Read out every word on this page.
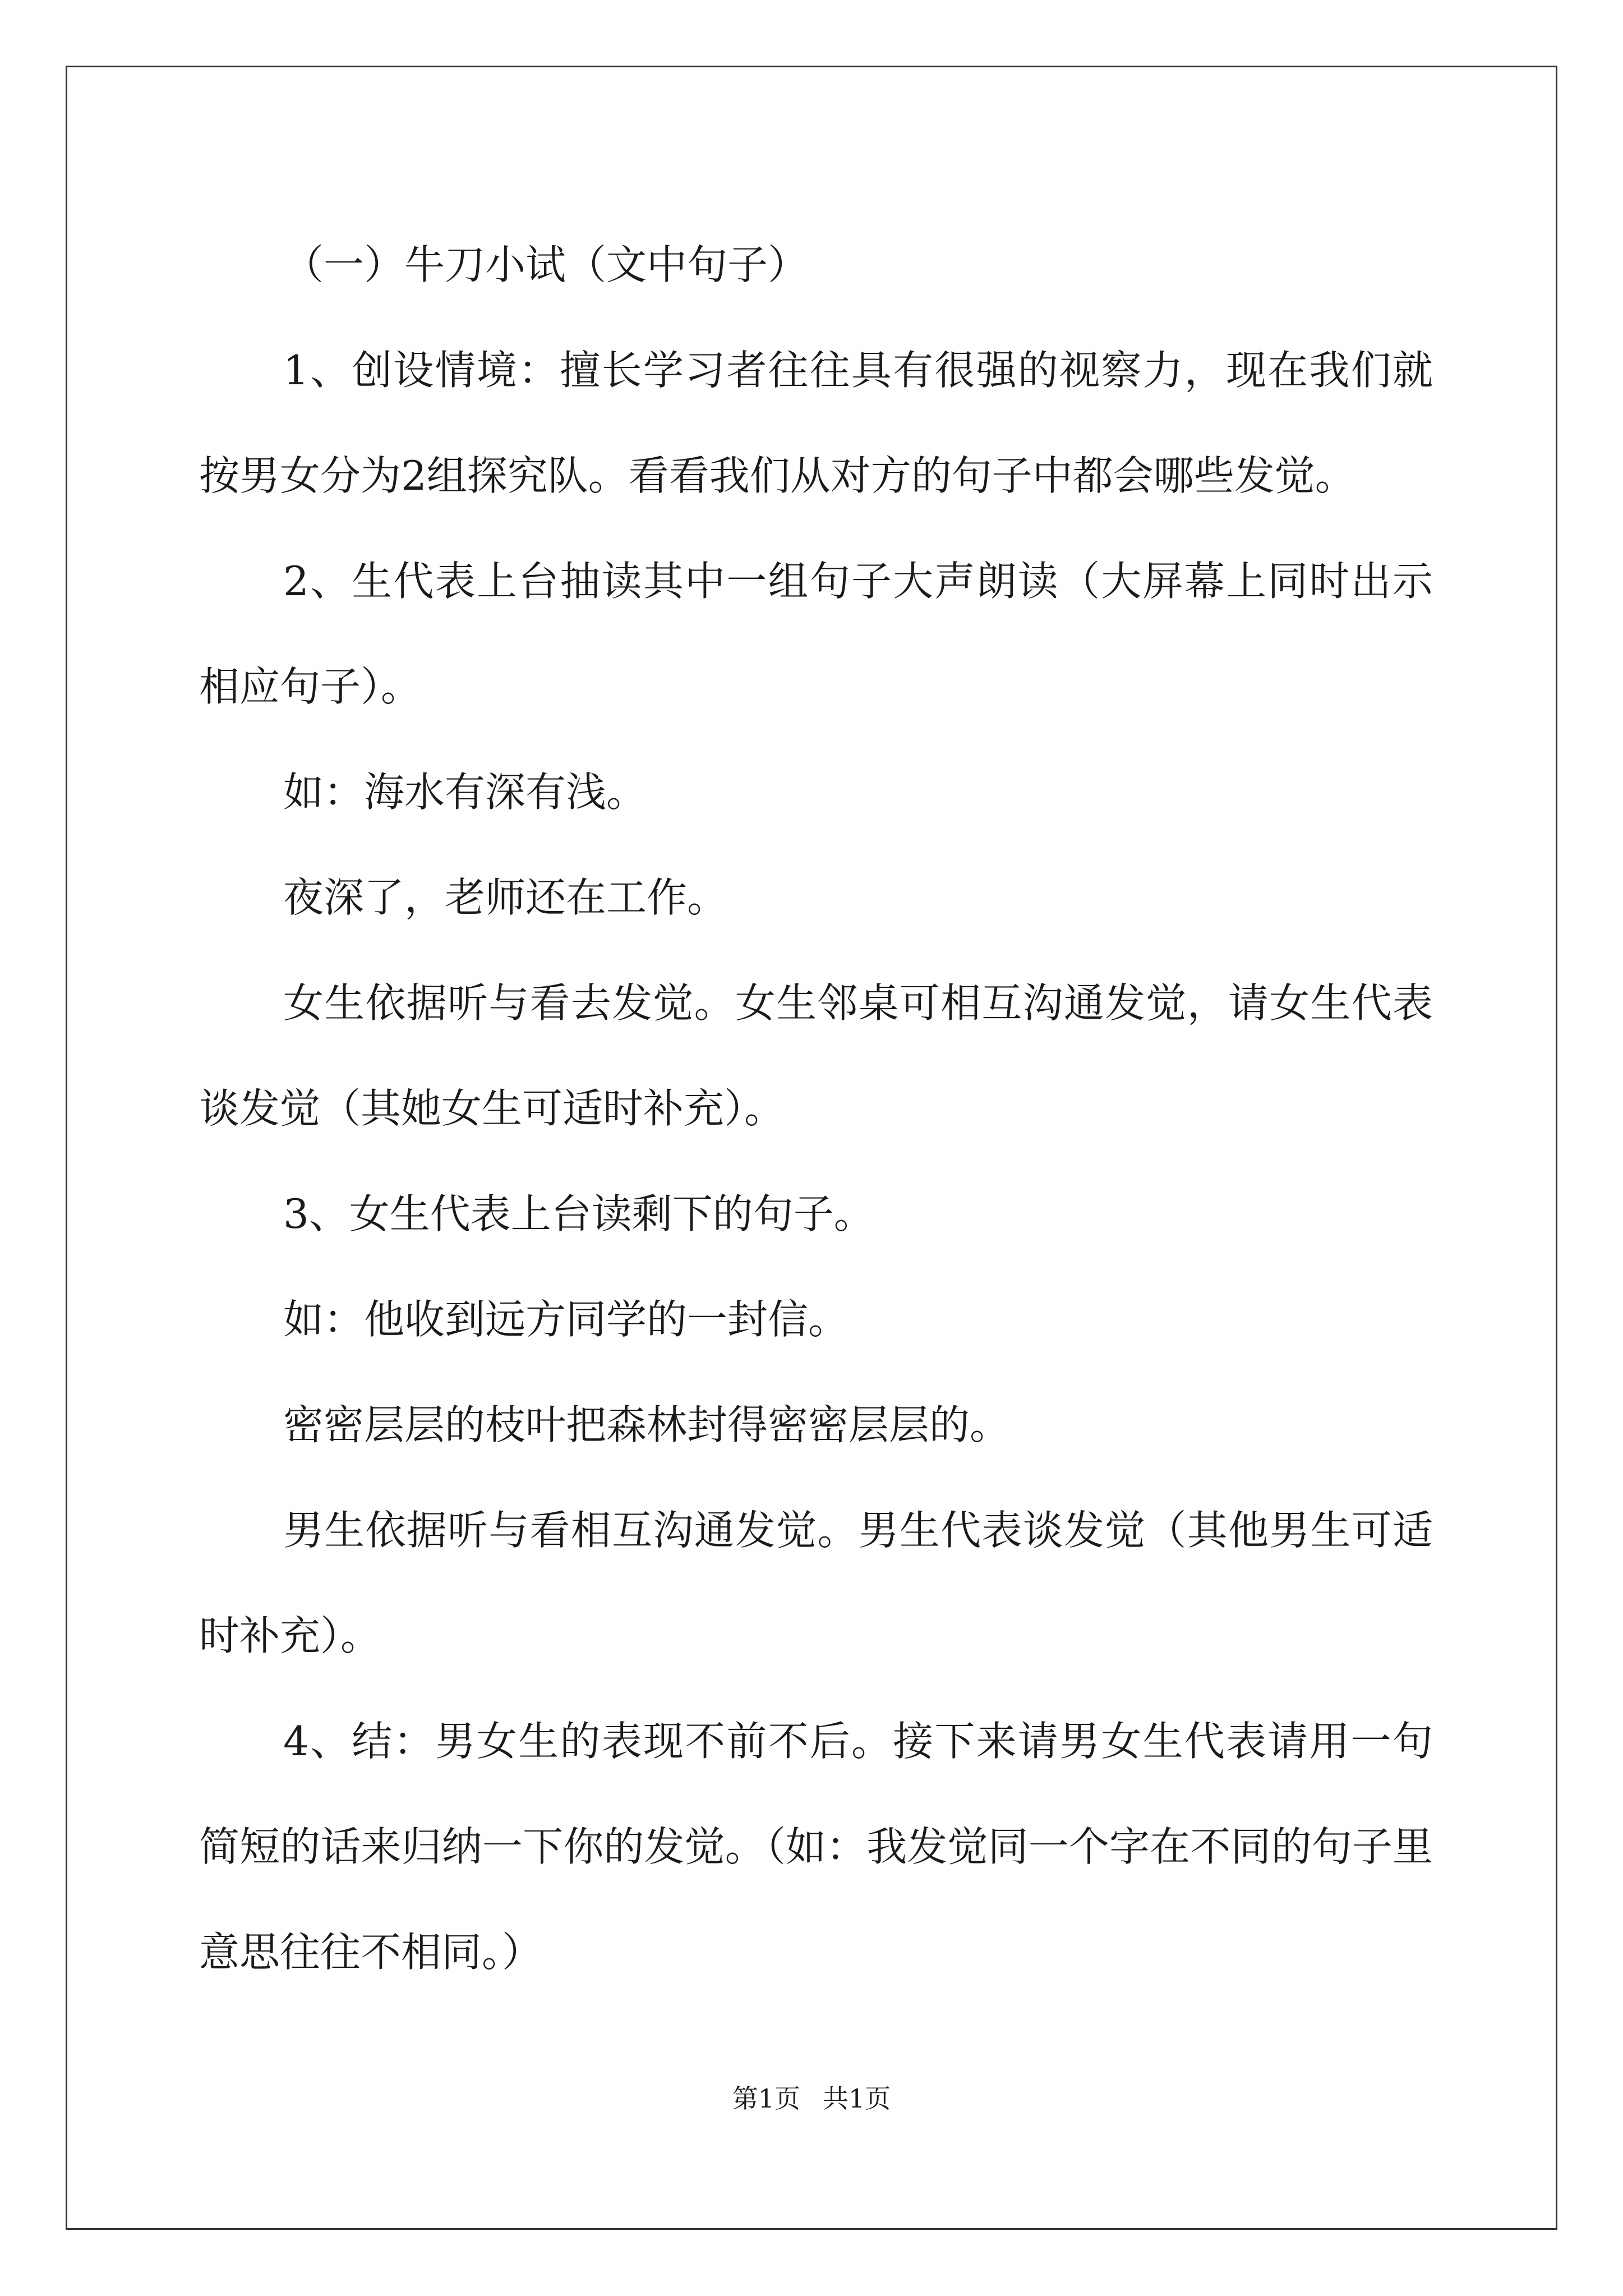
（一）牛刀小试（文中句子）

1、创设情境：擅长学习者往往具有很强的视察力，现在我们就按男女分为2组探究队。看看我们从对方的句子中都会哪些发觉。

2、生代表上台抽读其中一组句子大声朗读（大屏幕上同时出示相应句子）。

如：海水有深有浅。

夜深了，老师还在工作。

女生依据听与看去发觉。女生邻桌可相互沟通发觉，请女生代表谈发觉（其她女生可适时补充）。

3、女生代表上台读剩下的句子。

如：他收到远方同学的一封信。

密密层层的枝叶把森林封得密密层层的。

男生依据听与看相互沟通发觉。男生代表谈发觉（其他男生可适时补充）。

4、结：男女生的表现不前不后。接下来请男女生代表请用一句简短的话来归纳一下你的发觉。（如：我发觉同一个字在不同的句子里意思往往不相同。）

第1页 共1页
